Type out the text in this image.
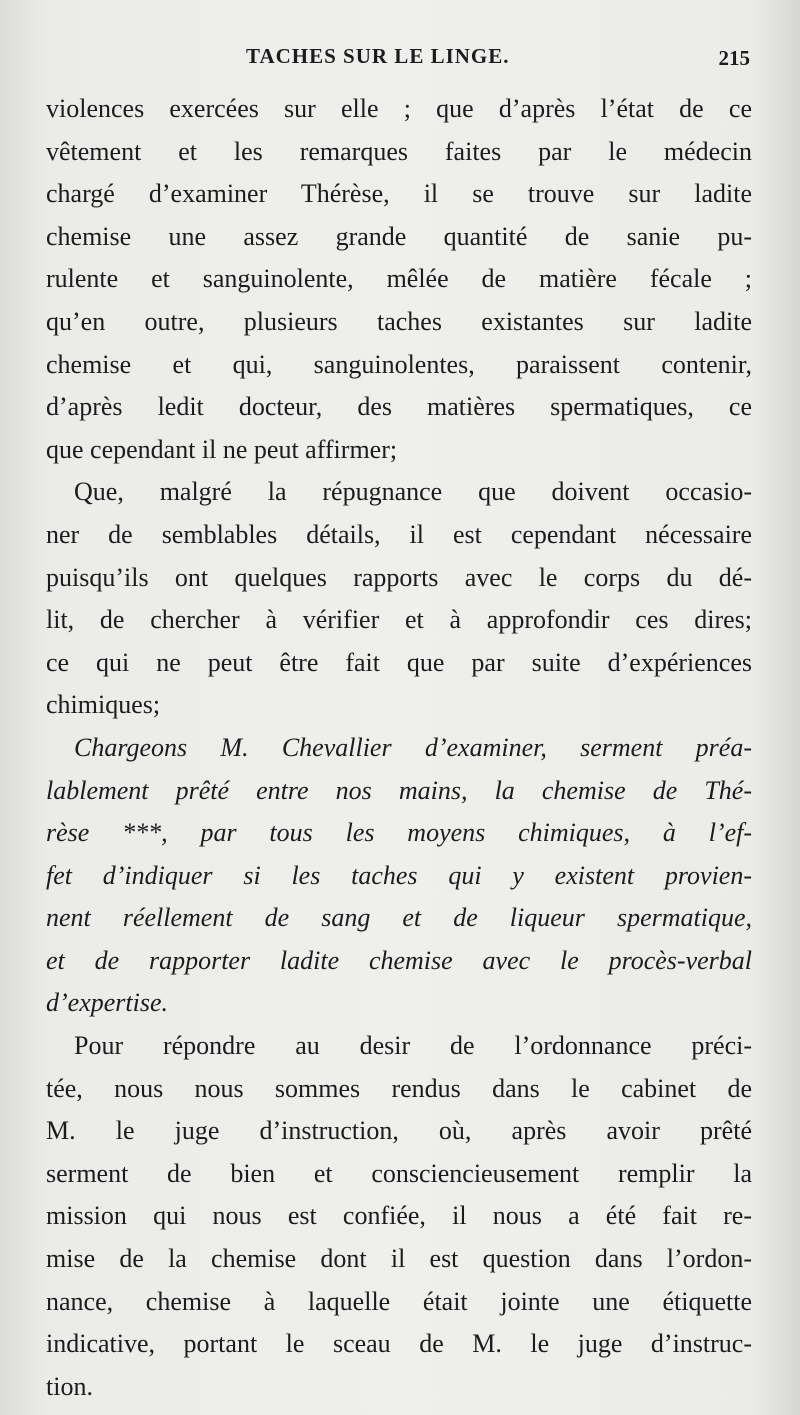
TACHES SUR LE LINGE.	215
violences exercées sur elle ; que d’après l’état de ce
vêtement et les remarques faites par le médecin
chargé d’examiner Thérèse, il se trouve sur ladite
chemise une assez grande quantité de sanie pu-
rulente et sanguinolente, mêlée de matière fécale ;
qu’en outre, plusieurs taches existantes sur ladite
chemise et qui, sanguinolentes, paraissent contenir,
d’après ledit docteur, des matières spermatiques, ce
que cependant il ne peut affirmer;
Que, malgré la répugnance que doivent occasio-
ner de semblables détails, il est cependant nécessaire
puisqu’ils ont quelques rapports avec le corps du dé-
lit, de chercher à vérifier et à approfondir ces dires;
ce qui ne peut être fait que par suite d’expériences
chimiques;
Chargeons M. Chevallier d’examiner, serment préa-
lablement prêté entre nos mains, la chemise de Thé-
rèse ***, par tous les moyens chimiques, à l’ef-
fet d’indiquer si les taches qui y existent provien-
nent réellement de sang et de liqueur spermatique,
et de rapporter ladite chemise avec le procès-verbal
d’expertise.
Pour répondre au desir de l’ordonnance préci-
tée, nous nous sommes rendus dans le cabinet de
M. le juge d’instruction, où, après avoir prêté
serment de bien et consciencieusement remplir la
mission qui nous est confiée, il nous a été fait re-
mise de la chemise dont il est question dans l’ordon-
nance, chemise à laquelle était jointe une étiquette
indicative, portant le sceau de M. le juge d’instruc-
tion.
